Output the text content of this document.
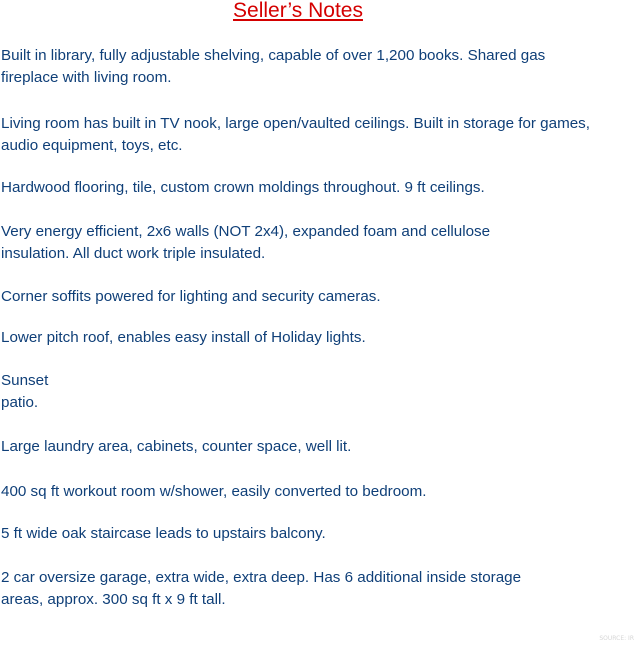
Seller’s Notes

Built in library, fully adjustable shelving, capable of over 1,200 books. Shared gas
fireplace with living room.

Living room has built in TV nook, large open/vaulted ceilings. Built in storage for games,
audio equipment, toys, etc.

Hardwood flooring, tile, custom crown moldings throughout. 9 ft ceilings.

Very energy efficient, 2x6 walls (NOT 2x4), expanded foam and cellulose
insulation. All duct work triple insulated.

Corner soffits powered for lighting and security cameras.

Lower pitch roof, enables easy install of Holiday lights.

Sunset
patio.

Large laundry area, cabinets, counter space, well lit.

400 sq ft workout room w/shower, easily converted to bedroom.

5 ft wide oak staircase leads to upstairs balcony.

2 car oversize garage, extra wide, extra deep. Has 6 additional inside storage
areas, approx. 300 sq ft x 9 ft tall.

SOURCE: IR
